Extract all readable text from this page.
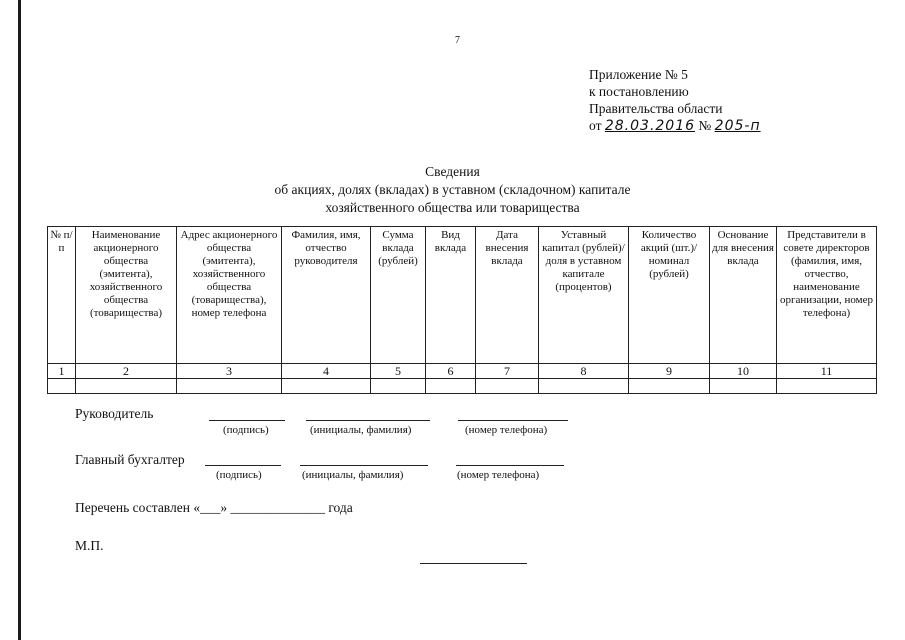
7
Приложение № 5
к постановлению
Правительства области
от 28.03.2016 № 205-п
Сведения
об акциях, долях (вкладах) в уставном (складочном) капитале
хозяйственного общества или товарищества
№ п/п	Наименование акционерного общества (эмитента), хозяйственного общества (товарищества)	Адрес акционерного общества (эмитента), хозяйственного общества (товарищества), номер телефона	Фамилия, имя, отчество руководителя	Сумма вклада (рублей)	Вид вклада	Дата внесения вклада	Уставный капитал (рублей)/ доля в уставном капитале (процентов)	Количество акций (шт.)/ номинал (рублей)	Основание для внесения вклада	Представители в совете директоров (фамилия, имя, отчество, наименование организации, номер телефона)
1	2	3	4	5	6	7	8	9	10	11

Руководитель
(подпись)	(инициалы, фамилия)	(номер телефона)
Главный бухгалтер
(подпись)	(инициалы, фамилия)	(номер телефона)
Перечень составлен «___» ______________ года
М.П.
